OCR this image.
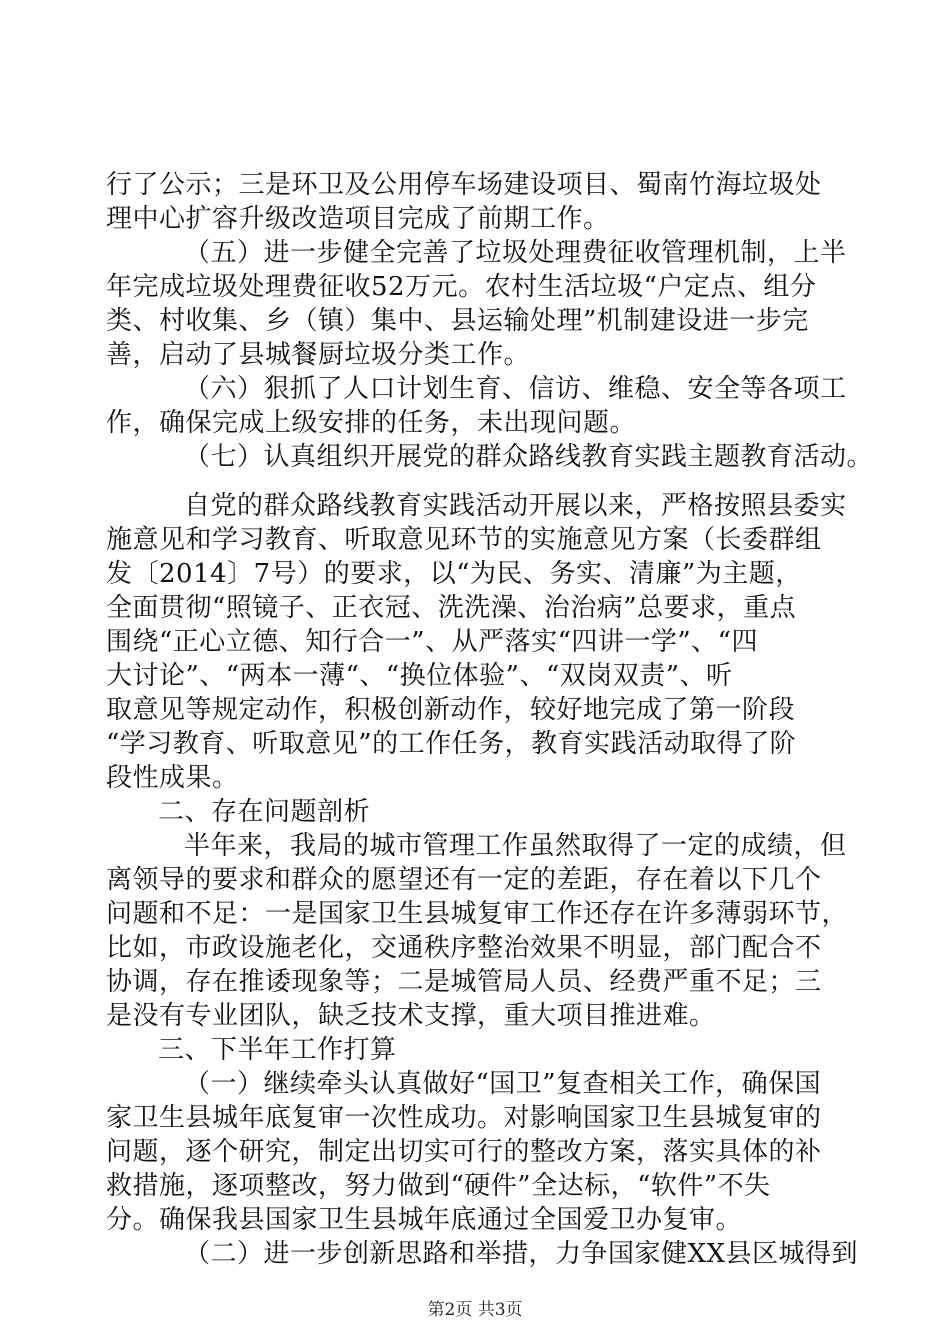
行了公示；三是环卫及公用停车场建设项目、蜀南竹海垃圾处
理中心扩容升级改造项目完成了前期工作。
（五）进一步健全完善了垃圾处理费征收管理机制，上半
年完成垃圾处理费征收52万元。农村生活垃圾“户定点、组分
类、村收集、乡（镇）集中、县运输处理”机制建设进一步完
善，启动了县城餐厨垃圾分类工作。
（六）狠抓了人口计划生育、信访、维稳、安全等各项工
作，确保完成上级安排的任务，未出现问题。
（七）认真组织开展党的群众路线教育实践主题教育活动。
自党的群众路线教育实践活动开展以来，严格按照县委实
施意见和学习教育、听取意见环节的实施意见方案（长委群组
发〔2014〕7号）的要求，以“为民、务实、清廉”为主题，
全面贯彻“照镜子、正衣冠、洗洗澡、治治病”总要求，重点
围绕“正心立德、知行合一”、从严落实“四讲一学”、“四
大讨论”、“两本一薄“、“换位体验”、“双岗双责”、听
取意见等规定动作，积极创新动作，较好地完成了第一阶段
“学习教育、听取意见”的工作任务，教育实践活动取得了阶
段性成果。
二、存在问题剖析
半年来，我局的城市管理工作虽然取得了一定的成绩，但
离领导的要求和群众的愿望还有一定的差距，存在着以下几个
问题和不足：一是国家卫生县城复审工作还存在许多薄弱环节，
比如，市政设施老化，交通秩序整治效果不明显，部门配合不
协调，存在推诿现象等；二是城管局人员、经费严重不足；三
是没有专业团队，缺乏技术支撑，重大项目推进难。
三、下半年工作打算
（一）继续牵头认真做好“国卫”复查相关工作，确保国
家卫生县城年底复审一次性成功。对影响国家卫生县城复审的
问题，逐个研究，制定出切实可行的整改方案，落实具体的补
救措施，逐项整改，努力做到“硬件”全达标，“软件”不失
分。确保我县国家卫生县城年底通过全国爱卫办复审。
（二）进一步创新思路和举措，力争国家健XX县区城得到
第2页 共3页
